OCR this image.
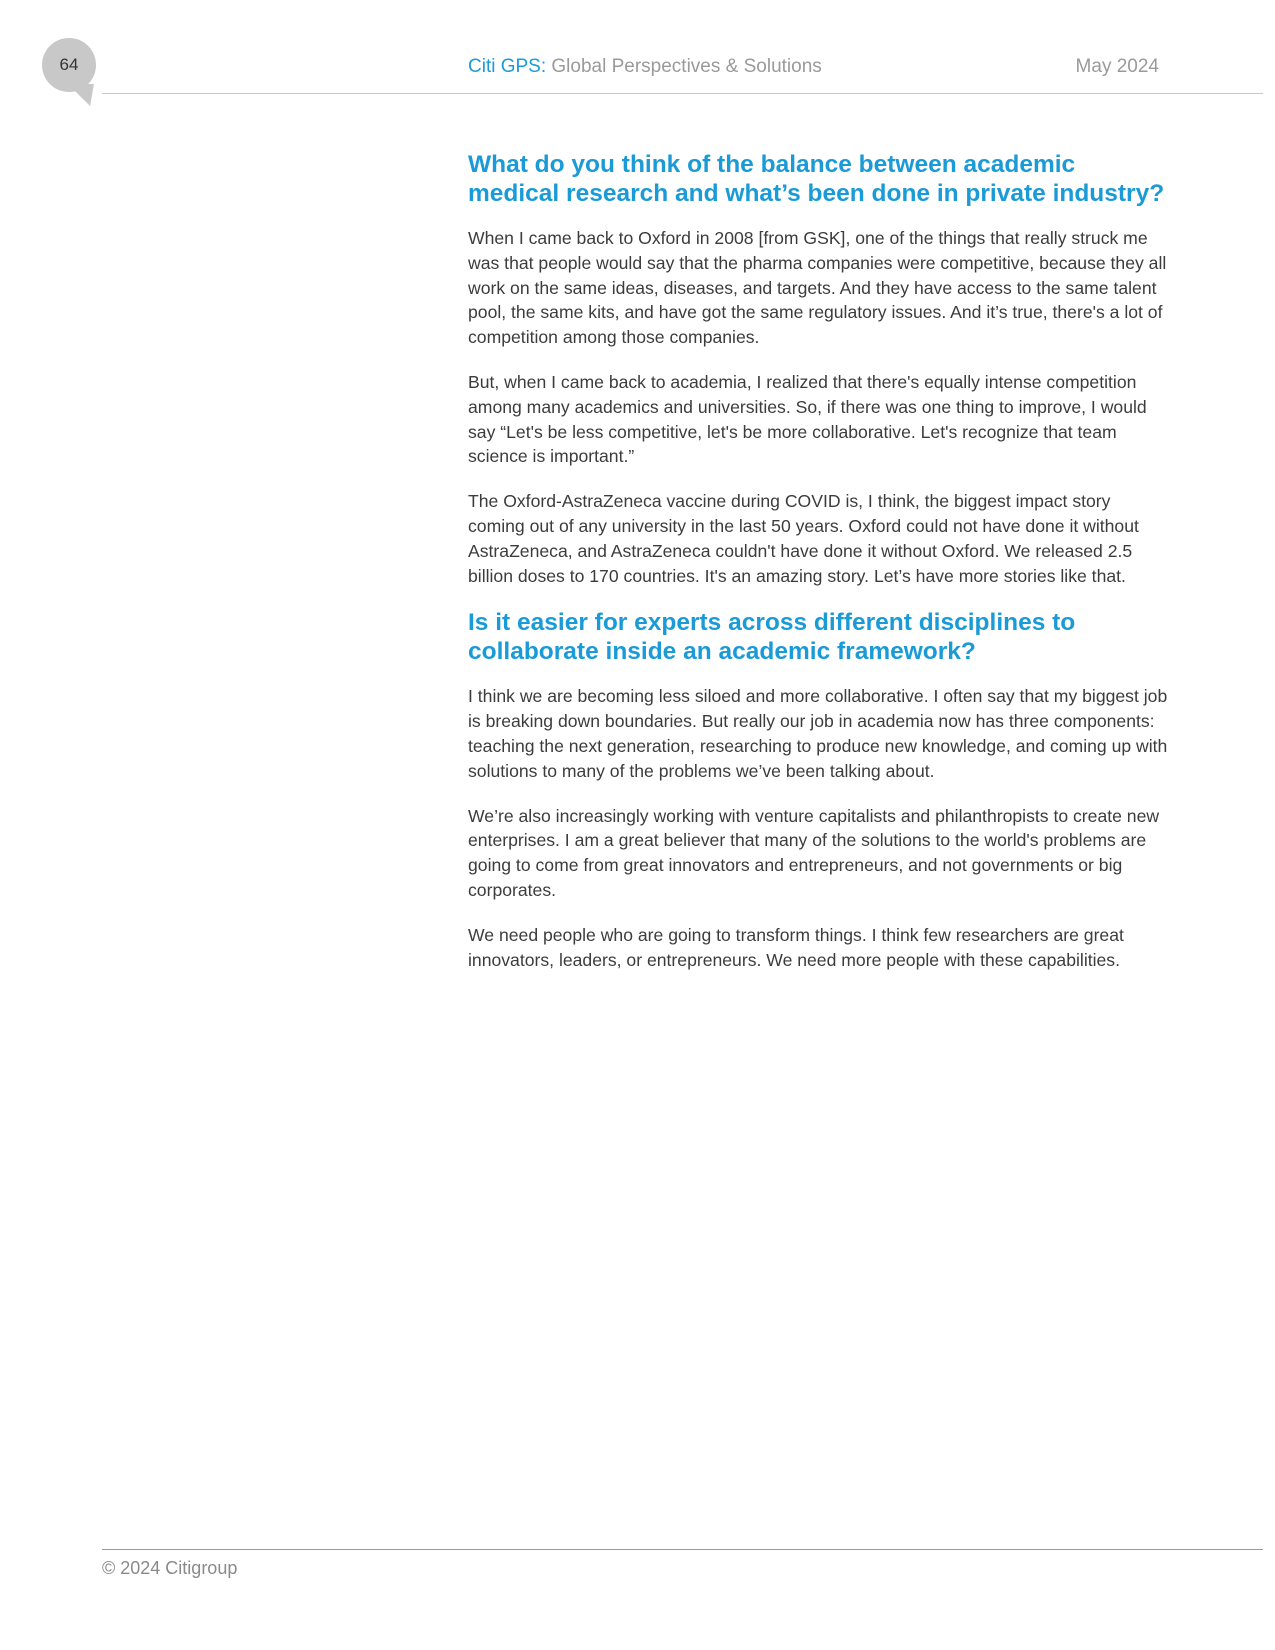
64	Citi GPS: Global Perspectives & Solutions	May 2024
What do you think of the balance between academic medical research and what’s been done in private industry?

When I came back to Oxford in 2008 [from GSK], one of the things that really struck me was that people would say that the pharma companies were competitive, because they all work on the same ideas, diseases, and targets. And they have access to the same talent pool, the same kits, and have got the same regulatory issues. And it’s true, there's a lot of competition among those companies.

But, when I came back to academia, I realized that there's equally intense competition among many academics and universities. So, if there was one thing to improve, I would say “Let's be less competitive, let's be more collaborative. Let's recognize that team science is important.”

The Oxford-AstraZeneca vaccine during COVID is, I think, the biggest impact story coming out of any university in the last 50 years. Oxford could not have done it without AstraZeneca, and AstraZeneca couldn't have done it without Oxford. We released 2.5 billion doses to 170 countries. It's an amazing story. Let’s have more stories like that.

Is it easier for experts across different disciplines to collaborate inside an academic framework?

I think we are becoming less siloed and more collaborative. I often say that my biggest job is breaking down boundaries. But really our job in academia now has three components: teaching the next generation, researching to produce new knowledge, and coming up with solutions to many of the problems we’ve been talking about.

We’re also increasingly working with venture capitalists and philanthropists to create new enterprises. I am a great believer that many of the solutions to the world's problems are going to come from great innovators and entrepreneurs, and not governments or big corporates.

We need people who are going to transform things. I think few researchers are great innovators, leaders, or entrepreneurs. We need more people with these capabilities.

© 2024 Citigroup
